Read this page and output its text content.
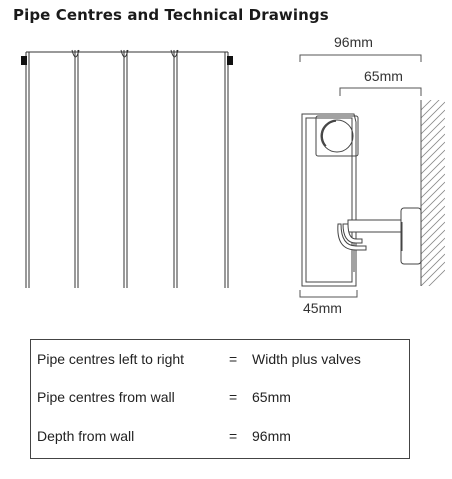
Pipe Centres and Technical Drawings
96mm
65mm
45mm
Pipe centres left to right	= Width plus valves
Pipe centres from wall	= 65mm
Depth from wall	= 96mm
